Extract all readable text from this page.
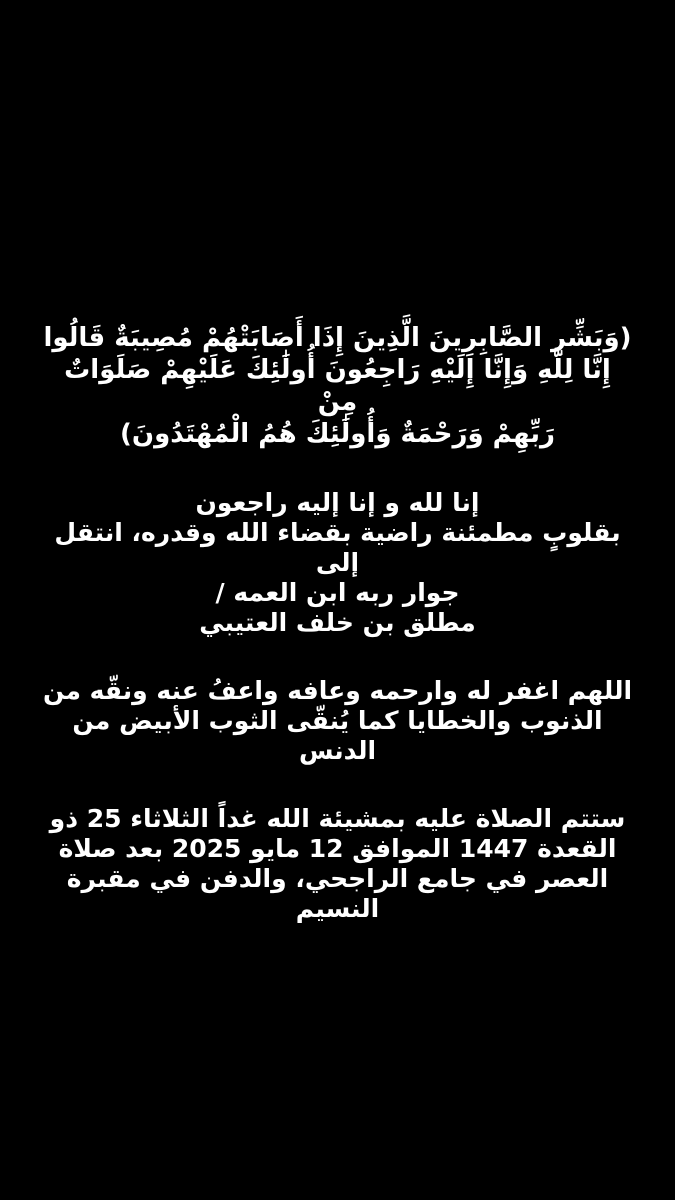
(وَبَشِّرِ الصَّابِرِينَ الَّذِينَ إِذَا أَصَابَتْهُمْ مُصِيبَةٌ قَالُوا
إِنَّا لِلَّهِ وَإِنَّا إِلَيْهِ رَاجِعُونَ أُولَٰئِكَ عَلَيْهِمْ صَلَوَاتٌ مِنْ
رَبِّهِمْ وَرَحْمَةٌ وَأُولَٰئِكَ هُمُ الْمُهْتَدُونَ)

إنا لله و إنا إليه راجعون
بقلوبٍ مطمئنة راضية بقضاء الله وقدره، انتقل إلى
جوار ربه ابن العمه /
مطلق بن خلف العتيبي

اللهم اغفر له وارحمه وعافه واعفُ عنه ونقّه من
الذنوب والخطايا كما يُنقّى الثوب الأبيض من
الدنس

ستتم الصلاة عليه بمشيئة الله غداً الثلاثاء 25 ذو
القعدة 1447 الموافق 12 مايو 2025 بعد صلاة
العصر في جامع الراجحي، والدفن في مقبرة
النسيم
